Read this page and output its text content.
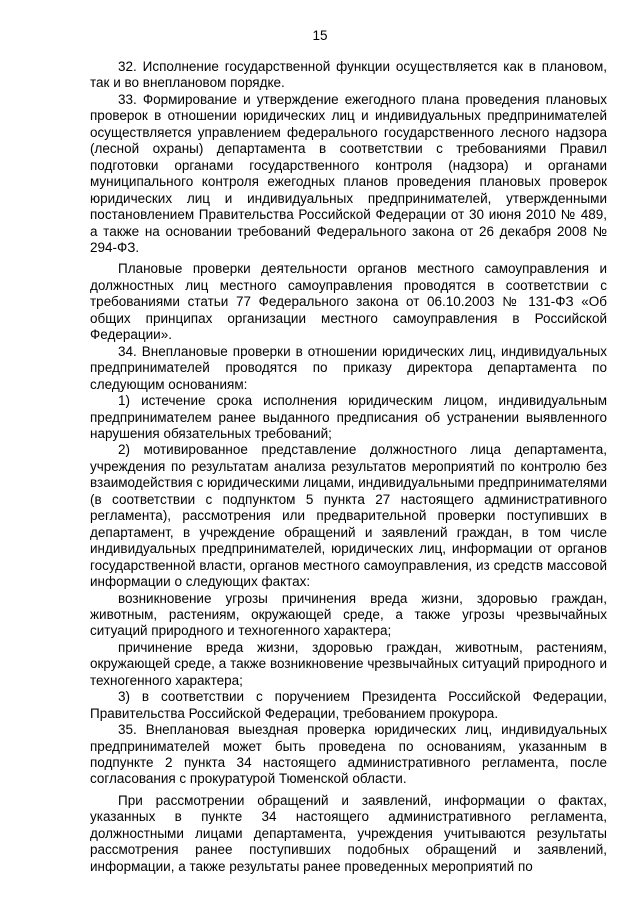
15

32. Исполнение государственной функции осуществляется как в плановом, так и во внеплановом порядке.

33. Формирование и утверждение ежегодного плана проведения плановых проверок в отношении юридических лиц и индивидуальных предпринимателей осуществляется управлением федерального государственного лесного надзора (лесной охраны) департамента в соответствии с требованиями Правил подготовки органами государственного контроля (надзора) и органами муниципального контроля ежегодных планов проведения плановых проверок юридических лиц и индивидуальных предпринимателей, утвержденными постановлением Правительства Российской Федерации от 30 июня 2010 № 489, а также на основании требований Федерального закона от 26 декабря 2008 № 294-ФЗ.

Плановые проверки деятельности органов местного самоуправления и должностных лиц местного самоуправления проводятся в соответствии с требованиями статьи 77 Федерального закона от 06.10.2003 № 131-ФЗ «Об общих принципах организации местного самоуправления в Российской Федерации».

34. Внеплановые проверки в отношении юридических лиц, индивидуальных предпринимателей проводятся по приказу директора департамента по следующим основаниям:

1) истечение срока исполнения юридическим лицом, индивидуальным предпринимателем ранее выданного предписания об устранении выявленного нарушения обязательных требований;

2) мотивированное представление должностного лица департамента, учреждения по результатам анализа результатов мероприятий по контролю без взаимодействия с юридическими лицами, индивидуальными предпринимателями (в соответствии с подпунктом 5 пункта 27 настоящего административного регламента), рассмотрения или предварительной проверки поступивших в департамент, в учреждение обращений и заявлений граждан, в том числе индивидуальных предпринимателей, юридических лиц, информации от органов государственной власти, органов местного самоуправления, из средств массовой информации о следующих фактах:

возникновение угрозы причинения вреда жизни, здоровью граждан, животным, растениям, окружающей среде, а также угрозы чрезвычайных ситуаций природного и техногенного характера;

причинение вреда жизни, здоровью граждан, животным, растениям, окружающей среде, а также возникновение чрезвычайных ситуаций природного и техногенного характера;

3) в соответствии с поручением Президента Российской Федерации, Правительства Российской Федерации, требованием прокурора.

35. Внеплановая выездная проверка юридических лиц, индивидуальных предпринимателей может быть проведена по основаниям, указанным в подпункте 2 пункта 34 настоящего административного регламента, после согласования с прокуратурой Тюменской области.

При рассмотрении обращений и заявлений, информации о фактах, указанных в пункте 34 настоящего административного регламента, должностными лицами департамента, учреждения учитываются результаты рассмотрения ранее поступивших подобных обращений и заявлений, информации, а также результаты ранее проведенных мероприятий по
